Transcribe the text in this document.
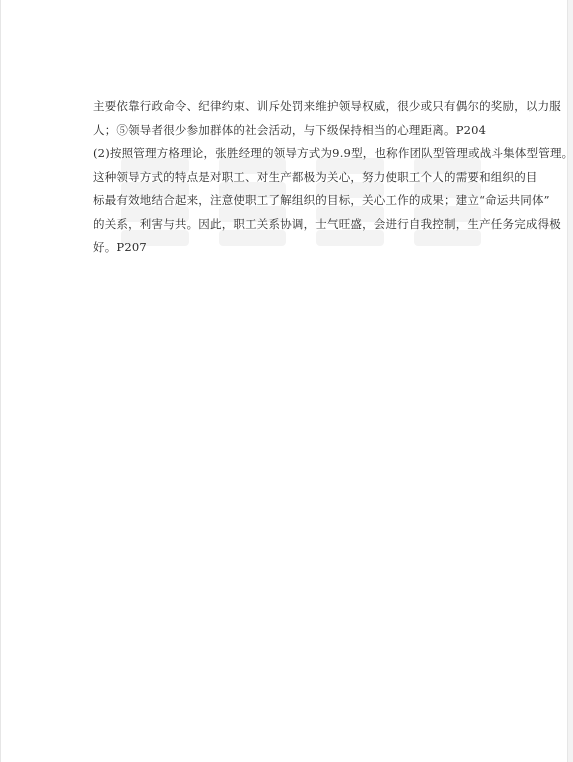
主要依靠行政命令、纪律约束、训斥处罚来维护领导权威，很少或只有偶尔的奖励，以力服
人；⑤领导者很少参加群体的社会活动，与下级保持相当的心理距离。P204
(2)按照管理方格理论，张胜经理的领导方式为9.9型，也称作团队型管理或战斗集体型管理。
这种领导方式的特点是对职工、对生产都极为关心，努力使职工个人的需要和组织的目
标最有效地结合起来，注意使职工了解组织的目标，关心工作的成果；建立“命运共同体”
的关系，利害与共。因此，职工关系协调，士气旺盛，会进行自我控制，生产任务完成得极
好。P207
